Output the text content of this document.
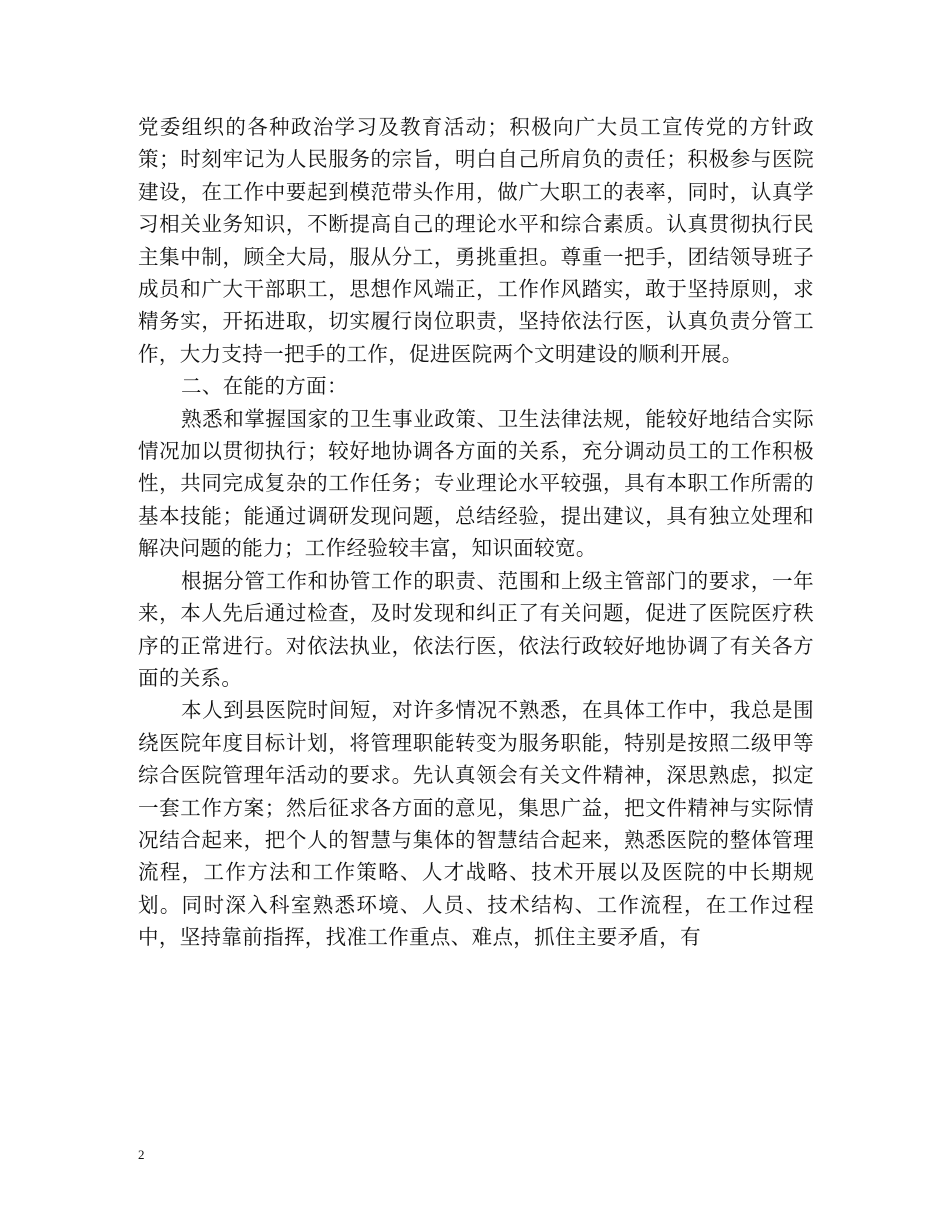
党委组织的各种政治学习及教育活动；积极向广大员工宣传党的方针政策；时刻牢记为人民服务的宗旨，明白自己所肩负的责任；积极参与医院建设，在工作中要起到模范带头作用，做广大职工的表率，同时，认真学习相关业务知识，不断提高自己的理论水平和综合素质。认真贯彻执行民主集中制，顾全大局，服从分工，勇挑重担。尊重一把手，团结领导班子成员和广大干部职工，思想作风端正，工作作风踏实，敢于坚持原则，求精务实，开拓进取，切实履行岗位职责，坚持依法行医，认真负责分管工作，大力支持一把手的工作，促进医院两个文明建设的顺利开展。

二、在能的方面：

熟悉和掌握国家的卫生事业政策、卫生法律法规，能较好地结合实际情况加以贯彻执行；较好地协调各方面的关系，充分调动员工的工作积极性，共同完成复杂的工作任务；专业理论水平较强，具有本职工作所需的基本技能；能通过调研发现问题，总结经验，提出建议，具有独立处理和解决问题的能力；工作经验较丰富，知识面较宽。

根据分管工作和协管工作的职责、范围和上级主管部门的要求，一年来，本人先后通过检查，及时发现和纠正了有关问题，促进了医院医疗秩序的正常进行。对依法执业，依法行医，依法行政较好地协调了有关各方面的关系。

本人到县医院时间短，对许多情况不熟悉，在具体工作中，我总是围绕医院年度目标计划，将管理职能转变为服务职能，特别是按照二级甲等综合医院管理年活动的要求。先认真领会有关文件精神，深思熟虑，拟定一套工作方案；然后征求各方面的意见，集思广益，把文件精神与实际情况结合起来，把个人的智慧与集体的智慧结合起来，熟悉医院的整体管理流程，工作方法和工作策略、人才战略、技术开展以及医院的中长期规划。同时深入科室熟悉环境、人员、技术结构、工作流程，在工作过程中，坚持靠前指挥，找准工作重点、难点，抓住主要矛盾，有

2
